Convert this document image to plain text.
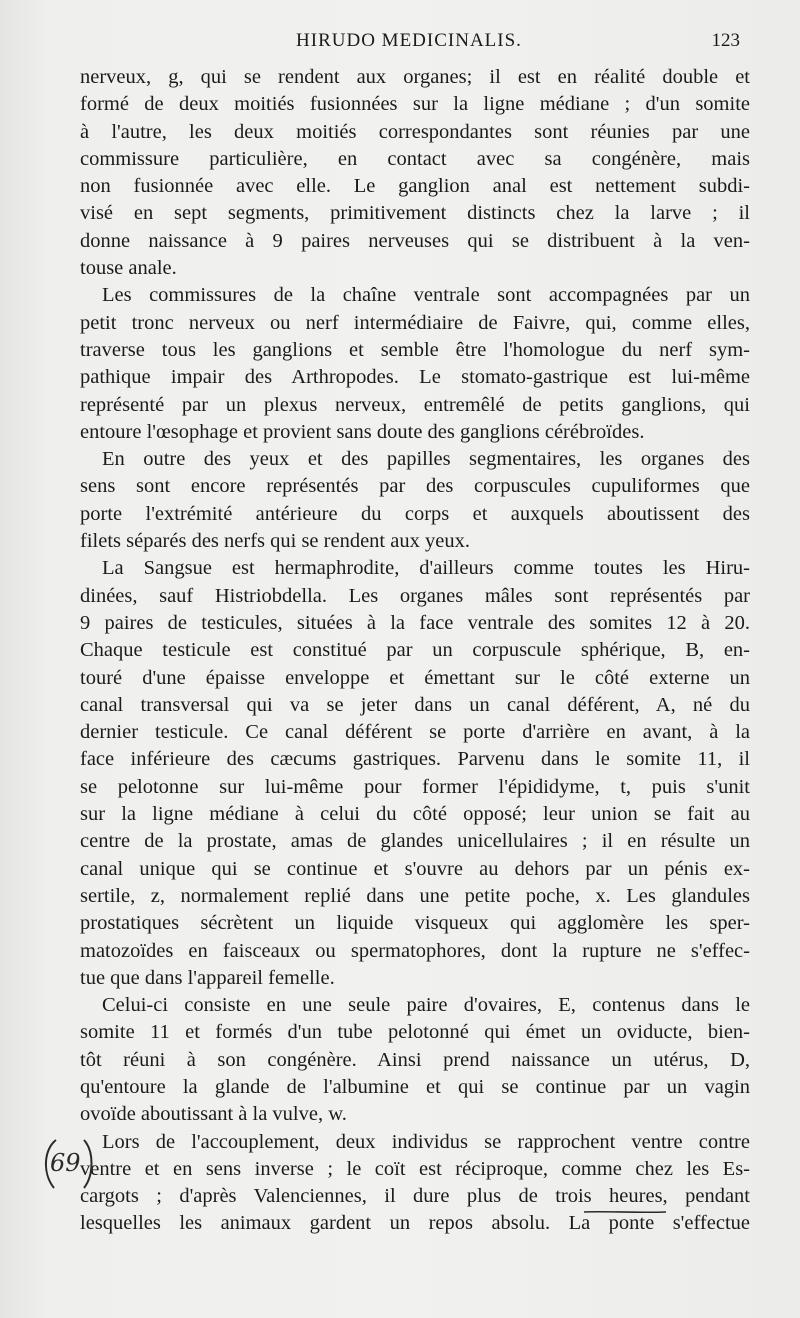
HIRUDO MEDICINALIS.	123
nerveux, g, qui se rendent aux organes; il est en réalité double et
formé de deux moitiés fusionnées sur la ligne médiane ; d'un somite
à l'autre, les deux moitiés correspondantes sont réunies par une
commissure particulière, en contact avec sa congénère, mais
non fusionnée avec elle. Le ganglion anal est nettement subdi-
visé en sept segments, primitivement distincts chez la larve ; il
donne naissance à 9 paires nerveuses qui se distribuent à la ven-
touse anale.
Les commissures de la chaîne ventrale sont accompagnées par un
petit tronc nerveux ou nerf intermédiaire de Faivre, qui, comme elles,
traverse tous les ganglions et semble être l'homologue du nerf sym-
pathique impair des Arthropodes. Le stomato-gastrique est lui-même
représenté par un plexus nerveux, entremêlé de petits ganglions, qui
entoure l'œsophage et provient sans doute des ganglions cérébroïdes.
En outre des yeux et des papilles segmentaires, les organes des
sens sont encore représentés par des corpuscules cupuliformes que
porte l'extrémité antérieure du corps et auxquels aboutissent des
filets séparés des nerfs qui se rendent aux yeux.
La Sangsue est hermaphrodite, d'ailleurs comme toutes les Hiru-
dinées, sauf Histriobdella. Les organes mâles sont représentés par
9 paires de testicules, situées à la face ventrale des somites 12 à 20.
Chaque testicule est constitué par un corpuscule sphérique, B, en-
touré d'une épaisse enveloppe et émettant sur le côté externe un
canal transversal qui va se jeter dans un canal déférent, A, né du
dernier testicule. Ce canal déférent se porte d'arrière en avant, à la
face inférieure des cæcums gastriques. Parvenu dans le somite 11, il
se pelotonne sur lui-même pour former l'épididyme, t, puis s'unit
sur la ligne médiane à celui du côté opposé; leur union se fait au
centre de la prostate, amas de glandes unicellulaires ; il en résulte un
canal unique qui se continue et s'ouvre au dehors par un pénis ex-
sertile, z, normalement replié dans une petite poche, x. Les glandules
prostatiques sécrètent un liquide visqueux qui agglomère les sper-
matozoïdes en faisceaux ou spermatophores, dont la rupture ne s'effec-
tue que dans l'appareil femelle.
Celui-ci consiste en une seule paire d'ovaires, E, contenus dans le
somite 11 et formés d'un tube pelotonné qui émet un oviducte, bien-
tôt réuni à son congénère. Ainsi prend naissance un utérus, D,
qu'entoure la glande de l'albumine et qui se continue par un vagin
ovoïde aboutissant à la vulve, w.
Lors de l'accouplement, deux individus se rapprochent ventre contre
ventre et en sens inverse ; le coït est réciproque, comme chez les Es-
cargots ; d'après Valenciennes, il dure plus de trois heures, pendant
lesquelles les animaux gardent un repos absolu. La ponte s'effectue
69
